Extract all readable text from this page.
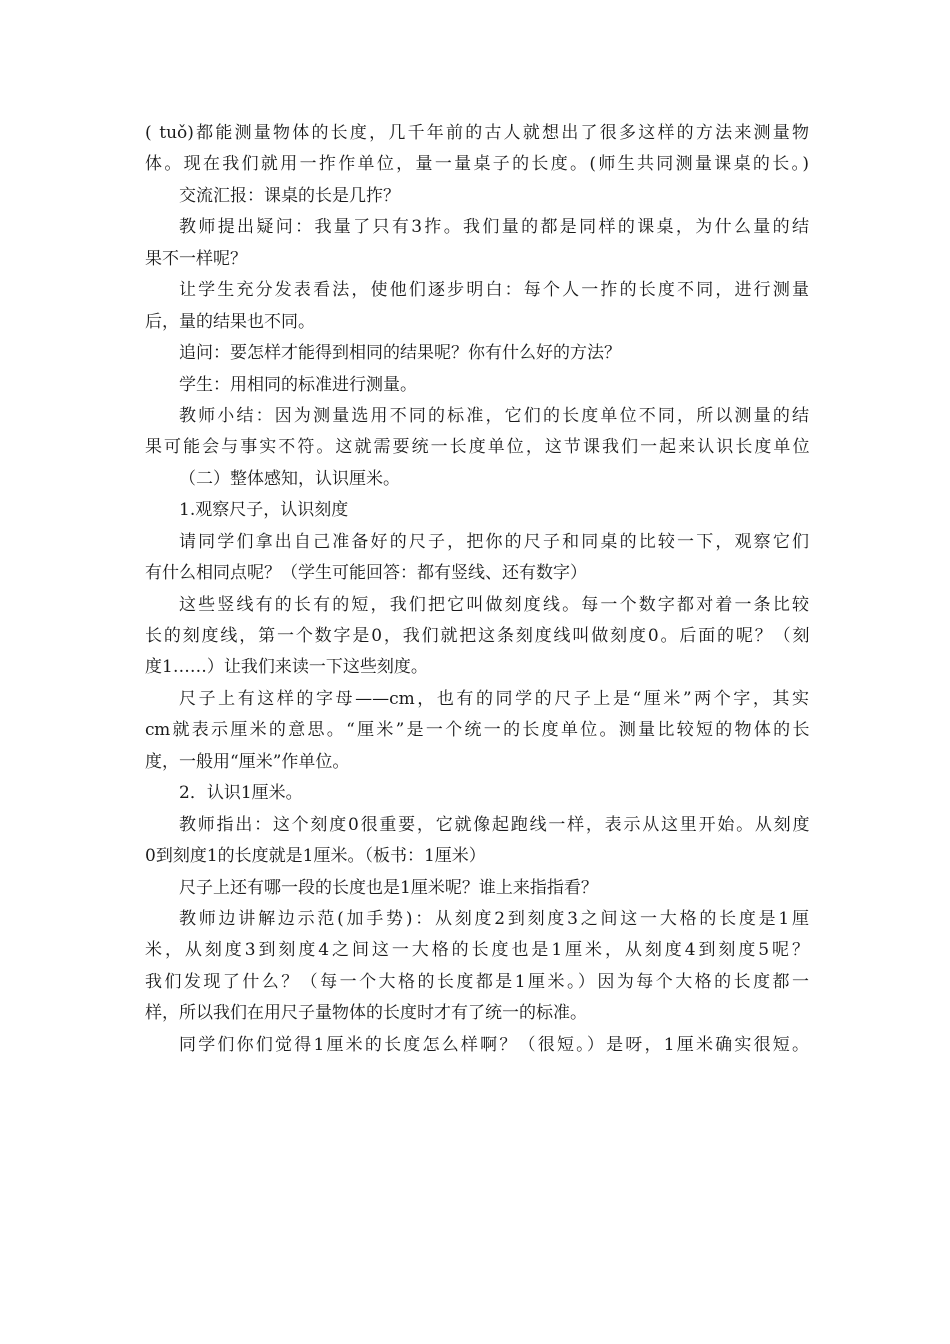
( tuǒ)都能测量物体的长度，几千年前的古人就想出了很多这样的方法来测量物
体。现在我们就用一拃作单位，量一量桌子的长度。(师生共同测量课桌的长。)
交流汇报：课桌的长是几拃？
教师提出疑问：我量了只有3拃。我们量的都是同样的课桌，为什么量的结
果不一样呢？
让学生充分发表看法，使他们逐步明白：每个人一拃的长度不同，进行测量
后，量的结果也不同。
追问：要怎样才能得到相同的结果呢？你有什么好的方法？
学生：用相同的标准进行测量。
教师小结：因为测量选用不同的标准，它们的长度单位不同，所以测量的结
果可能会与事实不符。这就需要统一长度单位，这节课我们一起来认识长度单位
（二）整体感知，认识厘米。
1.观察尺子，认识刻度
请同学们拿出自己准备好的尺子，把你的尺子和同桌的比较一下，观察它们
有什么相同点呢？（学生可能回答：都有竖线、还有数字）
这些竖线有的长有的短，我们把它叫做刻度线。每一个数字都对着一条比较
长的刻度线，第一个数字是0，我们就把这条刻度线叫做刻度0。后面的呢？（刻
度1……）让我们来读一下这些刻度。
尺子上有这样的字母——cm，也有的同学的尺子上是“厘米”两个字，其实
cm就表示厘米的意思。“厘米”是一个统一的长度单位。测量比较短的物体的长
度，一般用“厘米”作单位。
2．认识1厘米。
教师指出：这个刻度0很重要，它就像起跑线一样，表示从这里开始。从刻度
0到刻度1的长度就是1厘米。（板书：1厘米）
尺子上还有哪一段的长度也是1厘米呢？谁上来指指看？
教师边讲解边示范(加手势)：从刻度2到刻度3之间这一大格的长度是1厘
米，从刻度3到刻度4之间这一大格的长度也是1厘米，从刻度4到刻度5呢？
我们发现了什么？（每一个大格的长度都是1厘米。）因为每个大格的长度都一
样，所以我们在用尺子量物体的长度时才有了统一的标准。
同学们你们觉得1厘米的长度怎么样啊？（很短。）是呀，1厘米确实很短。
